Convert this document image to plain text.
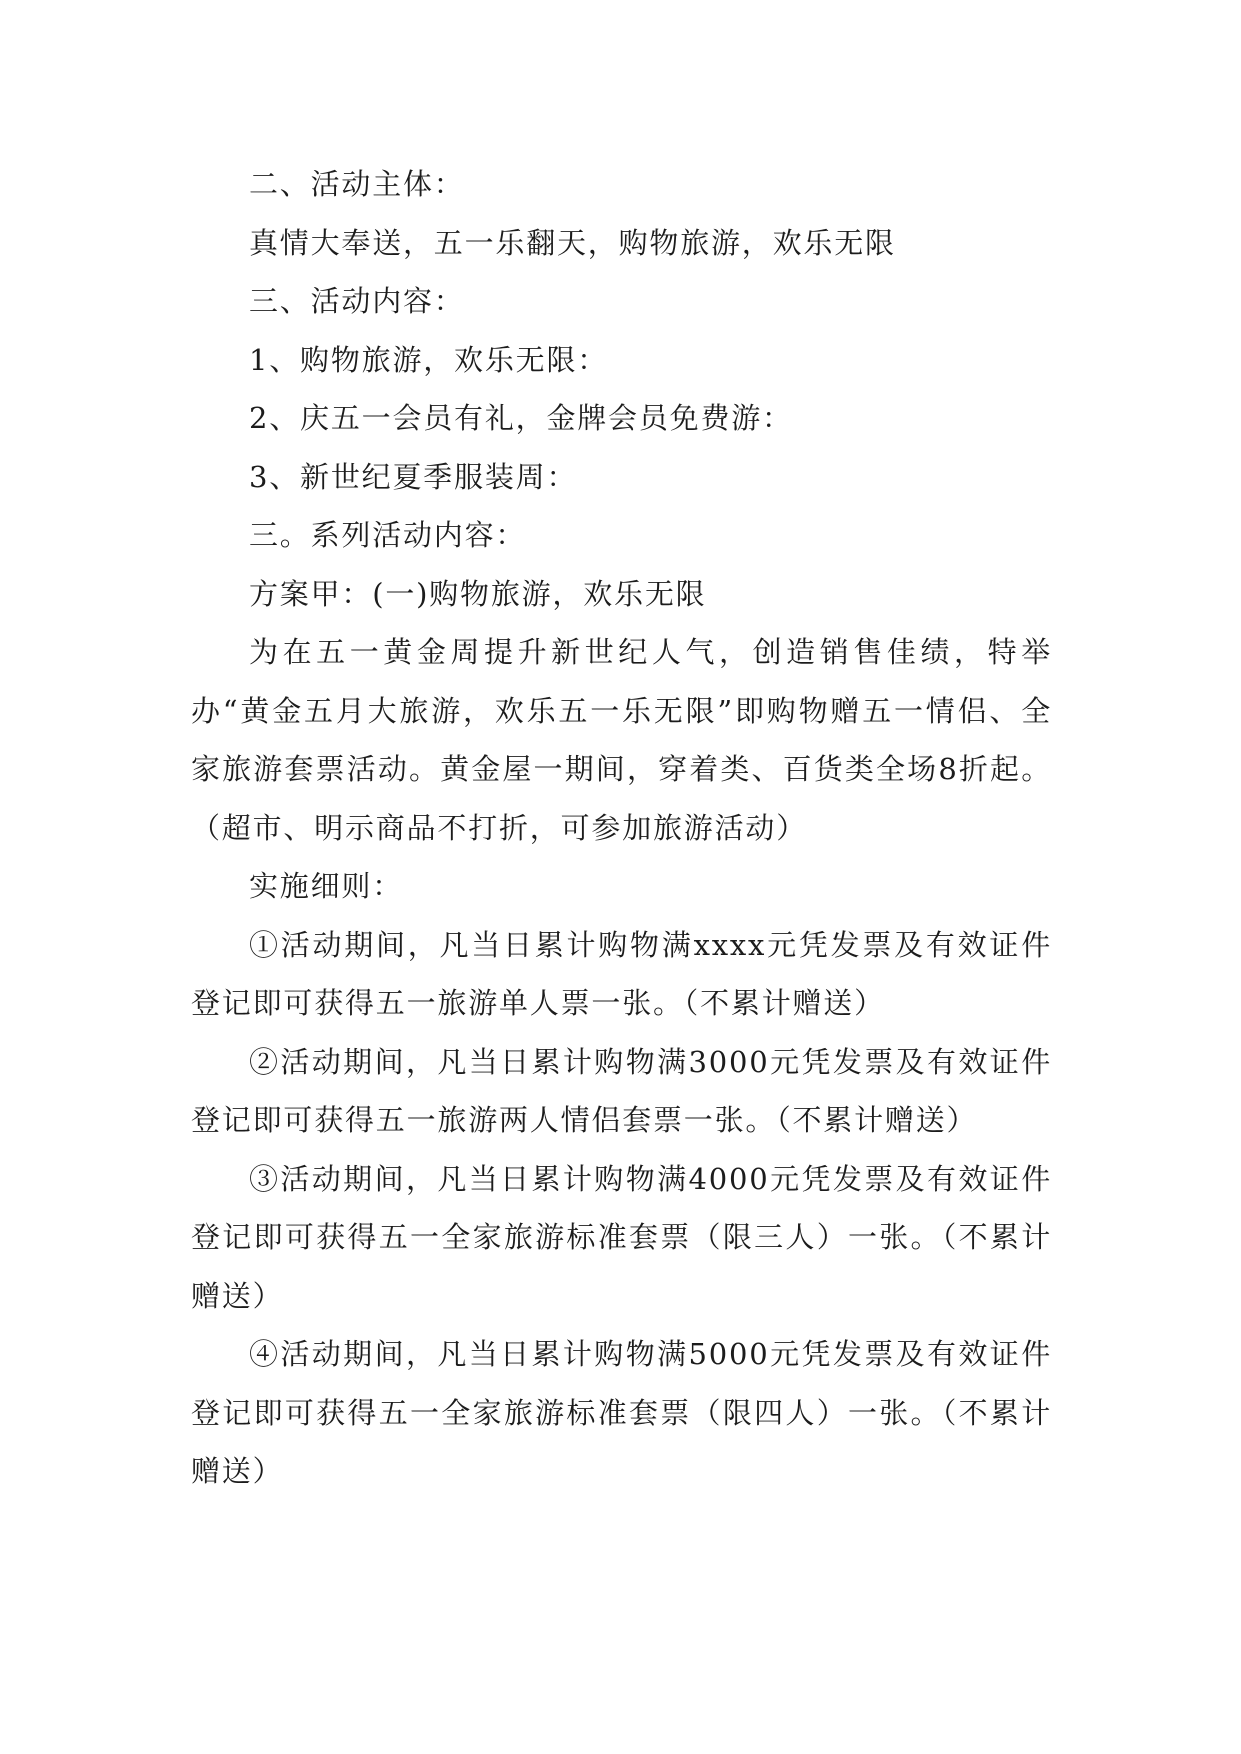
二、活动主体：

真情大奉送，五一乐翻天，购物旅游，欢乐无限

三、活动内容：

1、购物旅游，欢乐无限：

2、庆五一会员有礼，金牌会员免费游：

3、新世纪夏季服装周：

三。系列活动内容：

方案甲：(一)购物旅游，欢乐无限

为在五一黄金周提升新世纪人气，创造销售佳绩，特举办“黄金五月大旅游，欢乐五一乐无限”即购物赠五一情侣、全家旅游套票活动。黄金屋一期间，穿着类、百货类全场8折起。（超市、明示商品不打折，可参加旅游活动）

实施细则：

①活动期间，凡当日累计购物满xxxx元凭发票及有效证件登记即可获得五一旅游单人票一张。（不累计赠送）

②活动期间，凡当日累计购物满3000元凭发票及有效证件登记即可获得五一旅游两人情侣套票一张。（不累计赠送）

③活动期间，凡当日累计购物满4000元凭发票及有效证件登记即可获得五一全家旅游标准套票（限三人）一张。（不累计赠送）

④活动期间，凡当日累计购物满5000元凭发票及有效证件登记即可获得五一全家旅游标准套票（限四人）一张。（不累计赠送）
